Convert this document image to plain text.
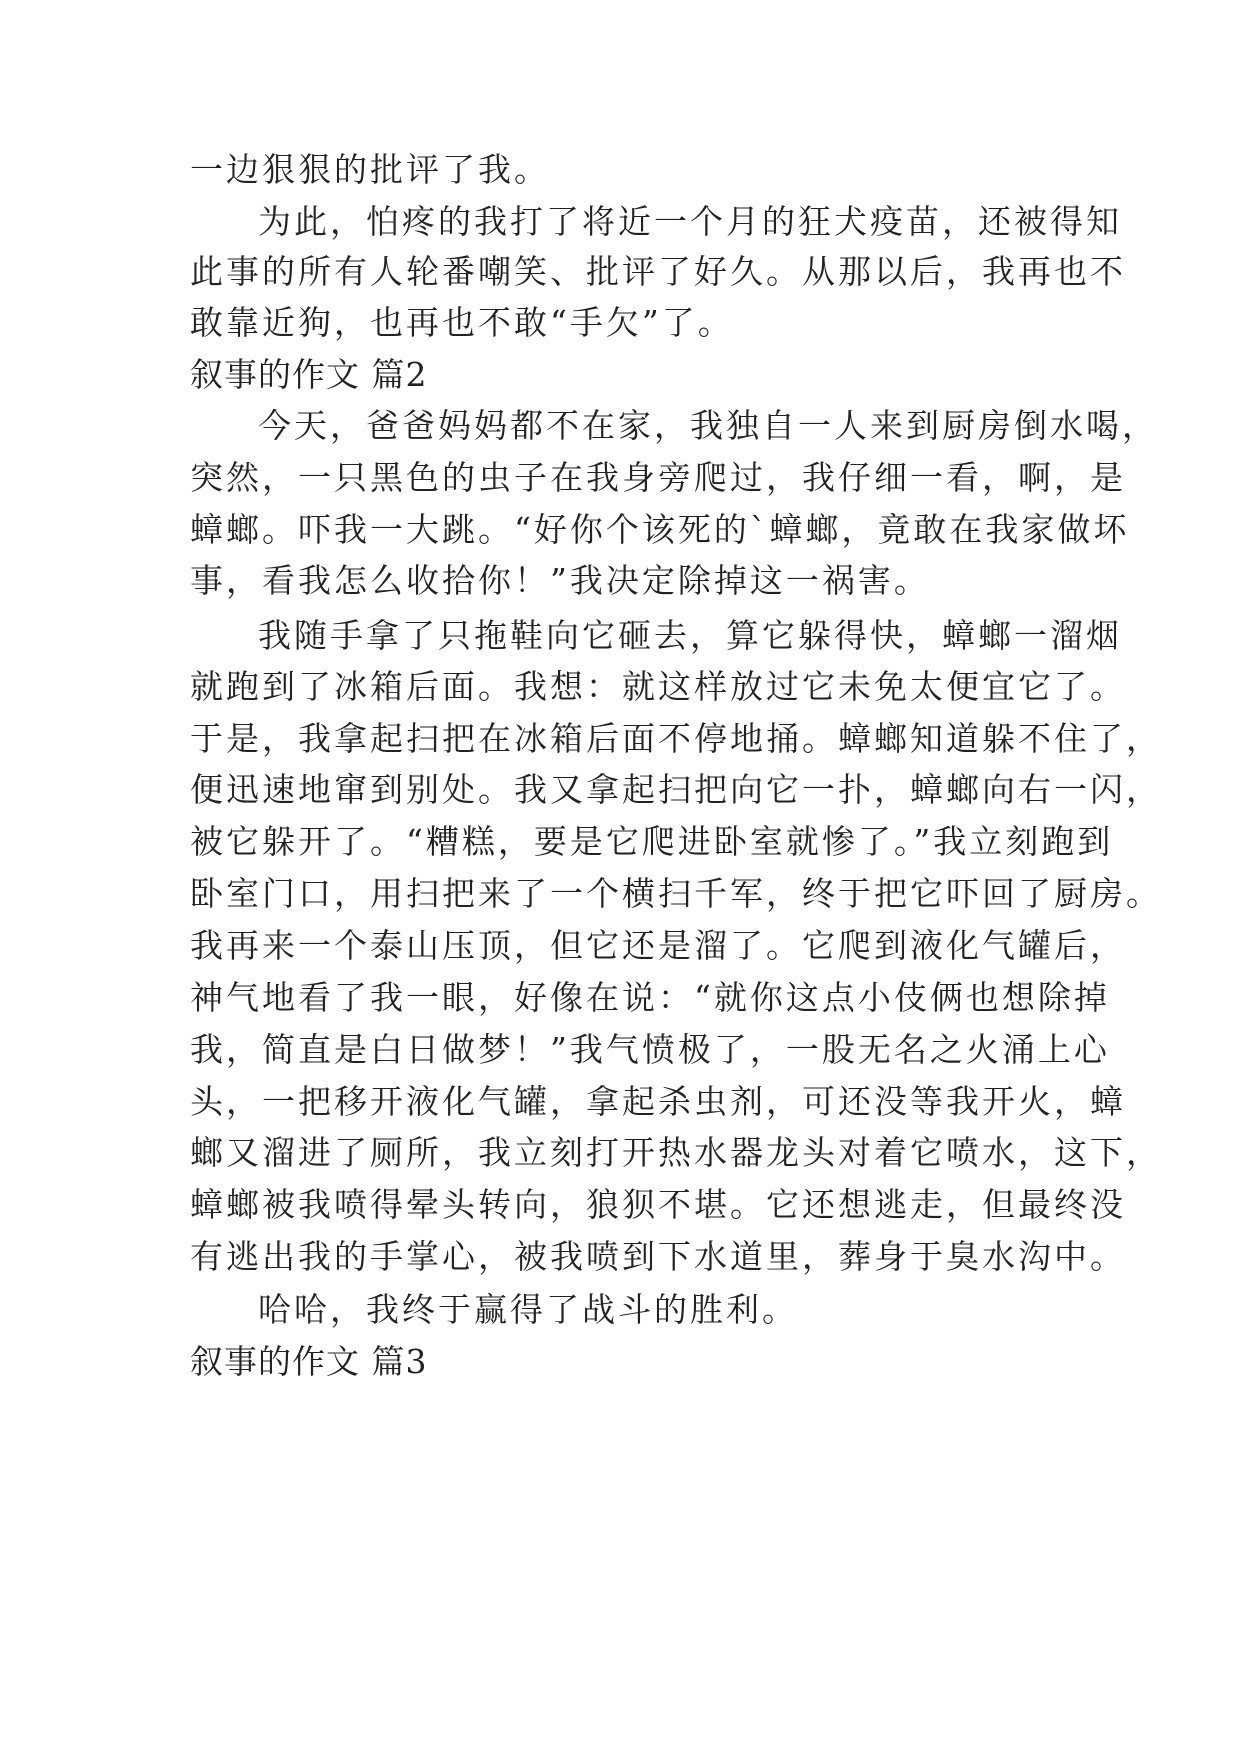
一边狠狠的批评了我。
为此，怕疼的我打了将近一个月的狂犬疫苗，还被得知
此事的所有人轮番嘲笑、批评了好久。从那以后，我再也不
敢靠近狗，也再也不敢“手欠”了。
叙事的作文 篇2
今天，爸爸妈妈都不在家，我独自一人来到厨房倒水喝，
突然，一只黑色的虫子在我身旁爬过，我仔细一看，啊，是
蟑螂。吓我一大跳。“好你个该死的`蟑螂，竟敢在我家做坏
事，看我怎么收拾你！”我决定除掉这一祸害。
我随手拿了只拖鞋向它砸去，算它躲得快，蟑螂一溜烟
就跑到了冰箱后面。我想：就这样放过它未免太便宜它了。
于是，我拿起扫把在冰箱后面不停地捅。蟑螂知道躲不住了，
便迅速地窜到别处。我又拿起扫把向它一扑，蟑螂向右一闪，
被它躲开了。“糟糕，要是它爬进卧室就惨了。”我立刻跑到
卧室门口，用扫把来了一个横扫千军，终于把它吓回了厨房。
我再来一个泰山压顶，但它还是溜了。它爬到液化气罐后，
神气地看了我一眼，好像在说：“就你这点小伎俩也想除掉
我，简直是白日做梦！”我气愤极了，一股无名之火涌上心
头，一把移开液化气罐，拿起杀虫剂，可还没等我开火，蟑
螂又溜进了厕所，我立刻打开热水器龙头对着它喷水，这下，
蟑螂被我喷得晕头转向，狼狈不堪。它还想逃走，但最终没
有逃出我的手掌心，被我喷到下水道里，葬身于臭水沟中。
哈哈，我终于赢得了战斗的胜利。
叙事的作文 篇3
